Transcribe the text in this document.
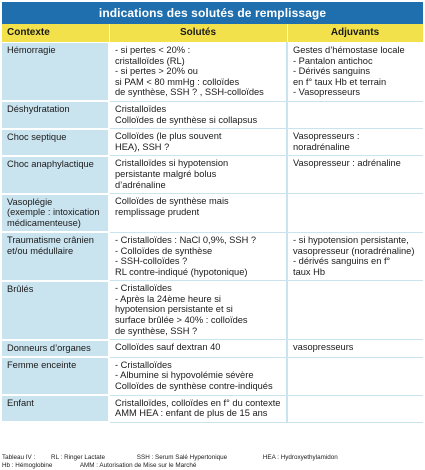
indications des solutés de remplissage
Contexte	Solutés	Adjuvants

Hémorragie	- si pertes < 20% :
cristalloïdes (RL)
- si pertes > 20% ou
si PAM < 80 mmHg : colloïdes
de synthèse, SSH ? , SSH-colloïdes	Gestes d’hémostase locale
- Pantalon antichoc
- Dérivés sanguins
en f° taux Hb et terrain
- Vasopresseurs

Déshydratation	Cristalloïdes
Colloïdes de synthèse si collapsus	

Choc septique	Colloïdes (le plus souvent
HEA), SSH ?	Vasopresseurs :
noradrénaline

Choc anaphylactique	Cristalloïdes si hypotension
persistante malgré bolus
d’adrénaline	Vasopresseur : adrénaline

Vasoplégie
(exemple : intoxication
médicamenteuse)	Colloïdes de synthèse mais
remplissage prudent	

Traumatisme crânien
et/ou médullaire	- Cristalloïdes : NaCl 0,9%, SSH ?
- Colloïdes de synthèse
- SSH-colloïdes ?
RL contre-indiqué (hypotonique)	- si hypotension persistante,
vasopresseur (noradrénaline)
- dérivés sanguins en f°
taux Hb

Brûlés	- Cristalloïdes
- Après la 24ème heure si
hypotension persistante et si
surface brûlée > 40% : colloïdes
de synthèse, SSH ?	

Donneurs d’organes	Colloïdes sauf dextran 40	vasopresseurs

Femme enceinte	- Cristalloïdes
- Albumine si hypovolémie sévère
Colloïdes de synthèse contre-indiqués	

Enfant	Cristalloïdes, colloïdes en f° du contexte
AMM HEA : enfant de plus de 15 ans	

Tableau IV :	RL : Ringer Lactate	SSH : Serum Salé Hypertonique	HEA : Hydroxyethylamidon
Hb : Hémoglobine	AMM : Autorisation de Mise sur le Marché
